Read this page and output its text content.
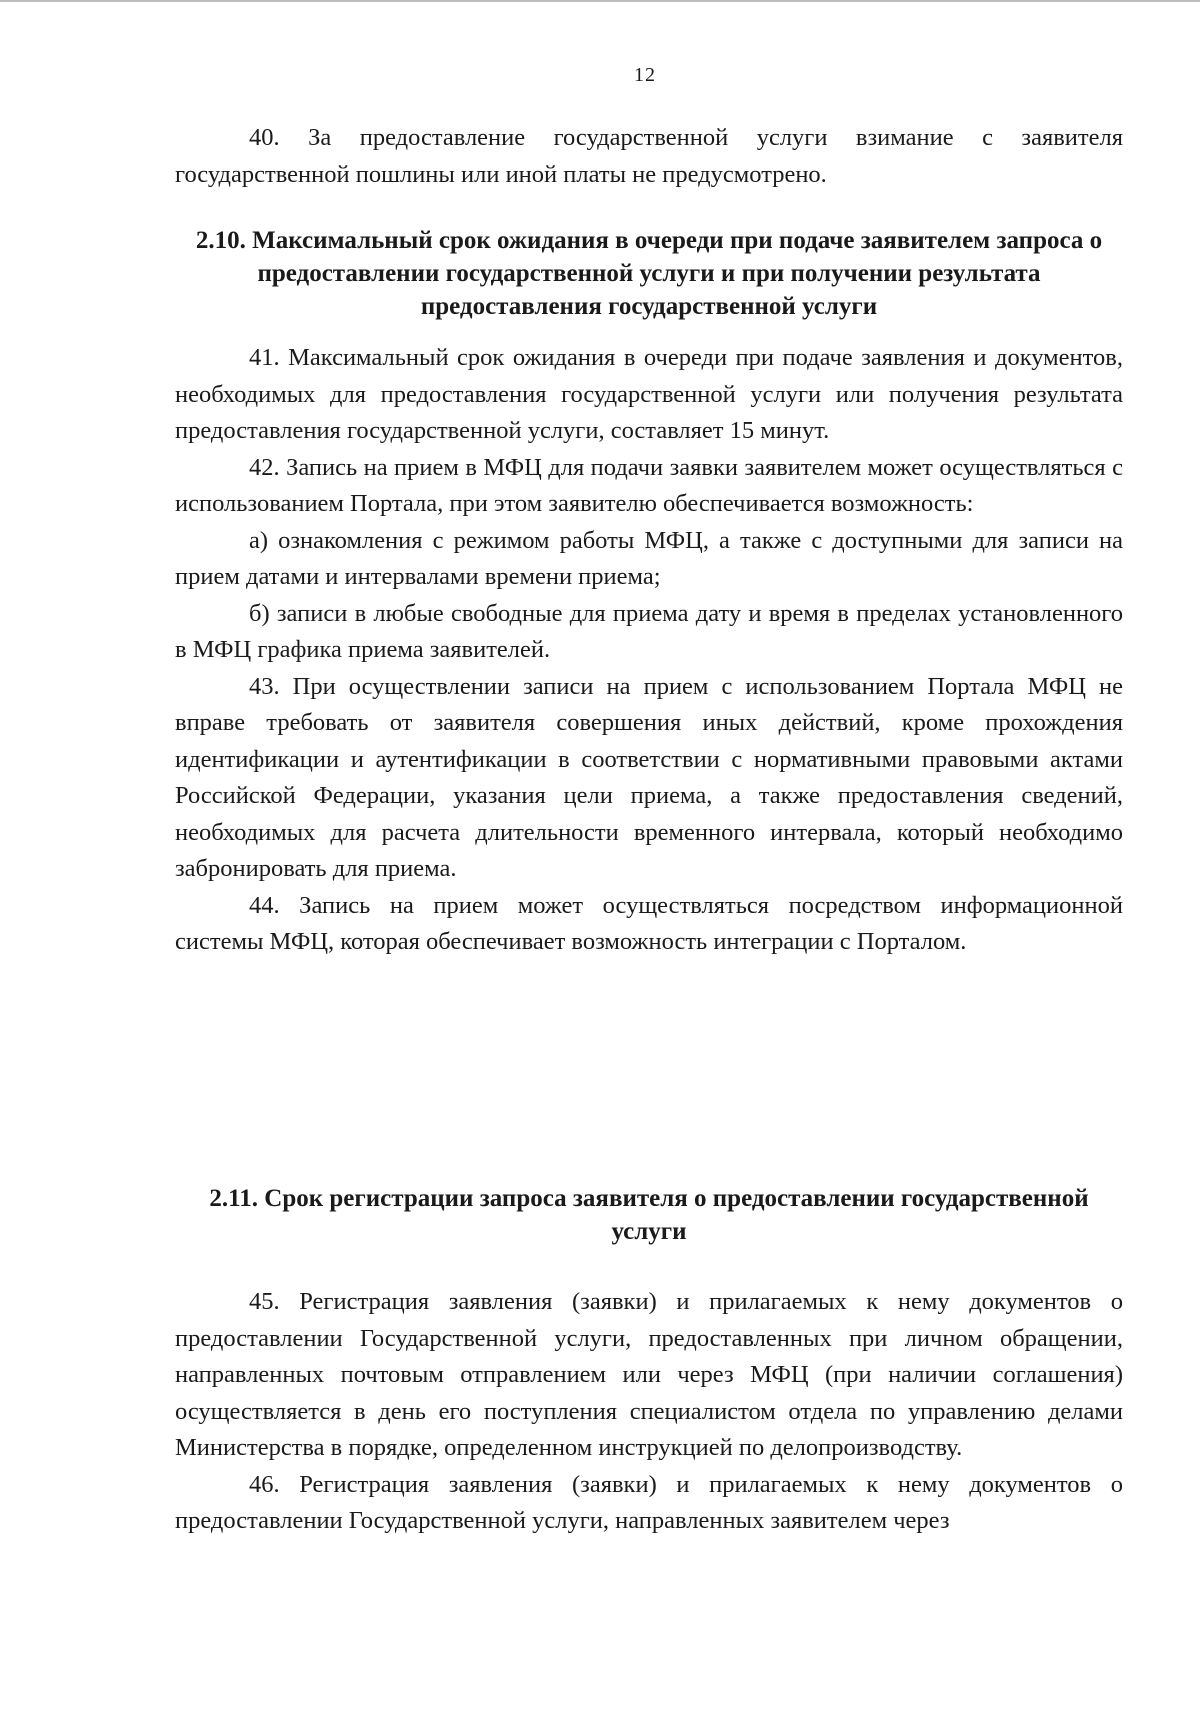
12

40. За предоставление государственной услуги взимание с заявителя государственной пошлины или иной платы не предусмотрено.

2.10. Максимальный срок ожидания в очереди при подаче заявителем запроса о предоставлении государственной услуги и при получении результата предоставления государственной услуги

41. Максимальный срок ожидания в очереди при подаче заявления и документов, необходимых для предоставления государственной услуги или получения результата предоставления государственной услуги, составляет 15 минут.

42. Запись на прием в МФЦ для подачи заявки заявителем может осуществляться с использованием Портала, при этом заявителю обеспечивается возможность:

а) ознакомления с режимом работы МФЦ, а также с доступными для записи на прием датами и интервалами времени приема;

б) записи в любые свободные для приема дату и время в пределах установленного в МФЦ графика приема заявителей.

43. При осуществлении записи на прием с использованием Портала МФЦ не вправе требовать от заявителя совершения иных действий, кроме прохождения идентификации и аутентификации в соответствии с нормативными правовыми актами Российской Федерации, указания цели приема, а также предоставления сведений, необходимых для расчета длительности временного интервала, который необходимо забронировать для приема.

44. Запись на прием может осуществляться посредством информационной системы МФЦ, которая обеспечивает возможность интеграции с Порталом.

2.11. Срок регистрации запроса заявителя о предоставлении государственной услуги

45. Регистрация заявления (заявки) и прилагаемых к нему документов о предоставлении Государственной услуги, предоставленных при личном обращении, направленных почтовым отправлением или через МФЦ (при наличии соглашения) осуществляется в день его поступления специалистом отдела по управлению делами Министерства в порядке, определенном инструкцией по делопроизводству.

46. Регистрация заявления (заявки) и прилагаемых к нему документов о предоставлении Государственной услуги, направленных заявителем через
